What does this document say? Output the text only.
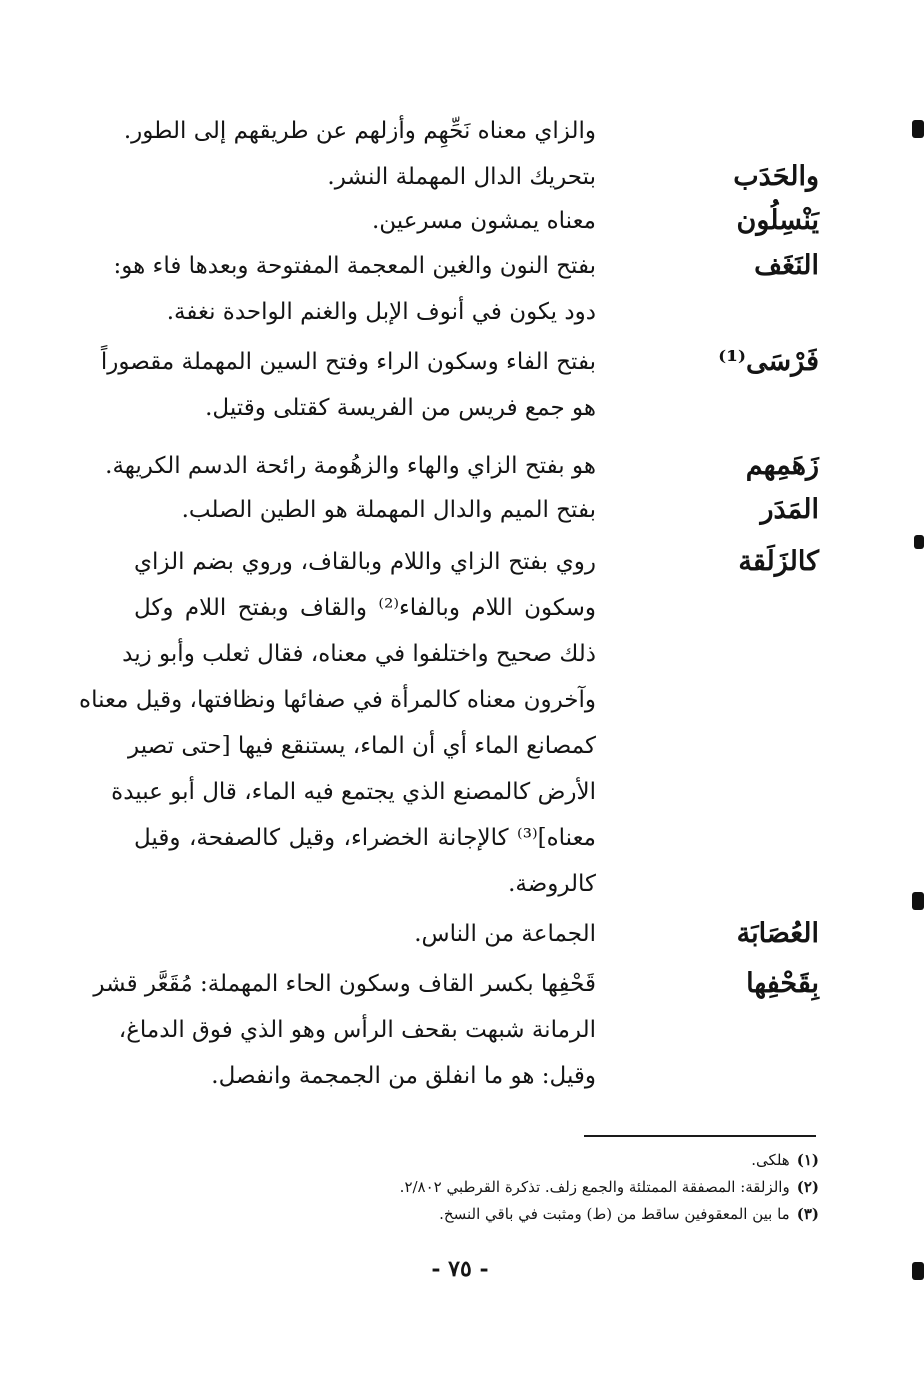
والزاي معناه نَحِّهِم وأزلهم عن طريقهم إلى الطور.
والحَدَب
بتحريك الدال المهملة النشر.
يَنْسِلُون
معناه يمشون مسرعين.
النَغَف
بفتح النون والغين المعجمة المفتوحة وبعدها فاء هو:
دود يكون في أنوف الإبل والغنم الواحدة نغفة.
فَرْسَى⁽¹⁾
بفتح الفاء وسكون الراء وفتح السين المهملة مقصوراً
هو جمع فريس من الفريسة كقتلى وقتيل.
زَهَمِهم
هو بفتح الزاي والهاء والزهُومة رائحة الدسم الكريهة.
المَدَر
بفتح الميم والدال المهملة هو الطين الصلب.
كالزَلَقة
روي بفتح الزاي واللام وبالقاف، وروي بضم الزاي
وسكون اللام وبالفاء⁽²⁾ والقاف وبفتح اللام وكل
ذلك صحيح واختلفوا في معناه، فقال ثعلب وأبو زيد
وآخرون معناه كالمرأة في صفائها ونظافتها، وقيل معناه
كمصانع الماء أي أن الماء، يستنقع فيها [حتى تصير
الأرض كالمصنع الذي يجتمع فيه الماء، قال أبو عبيدة
معناه]⁽³⁾ كالإجانة الخضراء، وقيل كالصفحة، وقيل
كالروضة.
العُصَابَة
الجماعة من الناس.
بِقَحْفِها
قَحْفِها بكسر القاف وسكون الحاء المهملة: مُقَعَّر قشر
الرمانة شبهت بقحف الرأس وهو الذي فوق الدماغ،
وقيل: هو ما انفلق من الجمجمة وانفصل.
(١)هلكى.
(٢)والزلقة: المصفقة الممتلئة والجمع زلف. تذكرة القرطبي ٢/٨٠٢.
(٣)ما بين المعقوفين ساقط من (ط) ومثبت في باقي النسخ.
- ٧٥ -
